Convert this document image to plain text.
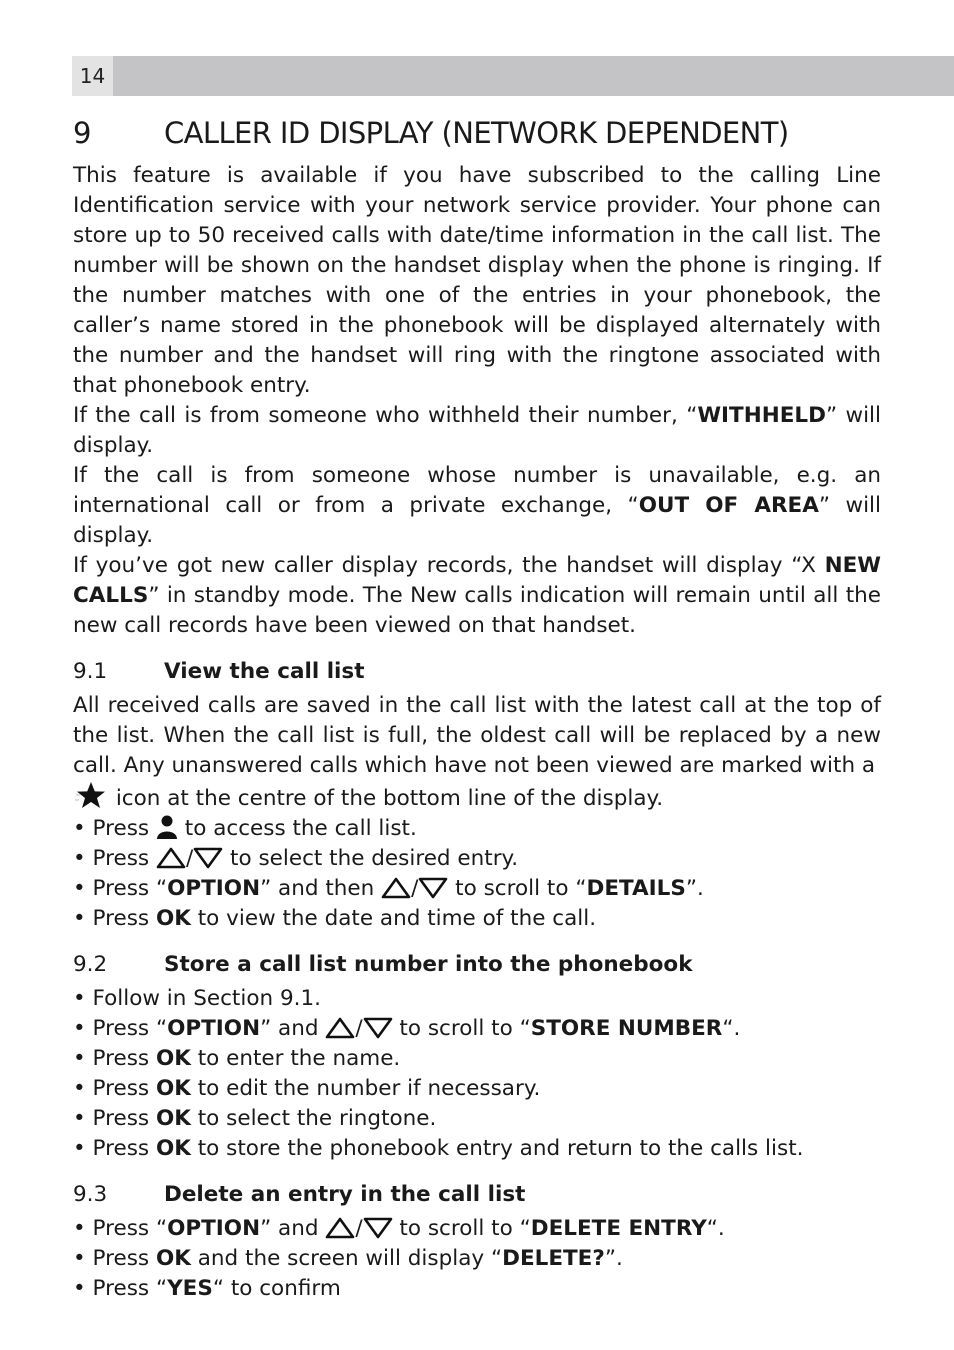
14
9	CALLER ID DISPLAY (NETWORK DEPENDENT)

This feature is available if you have subscribed to the calling Line Identification service with your network service provider. Your phone can store up to 50 received calls with date/time information in the call list. The number will be shown on the handset display when the phone is ringing. If the number matches with one of the entries in your phonebook, the caller’s name stored in the phonebook will be displayed alternately with the number and the handset will ring with the ringtone associated with that phonebook entry.

If the call is from someone who withheld their number, “WITHHELD” will display.

If the call is from someone whose number is unavailable, e.g. an international call or from a private exchange, “OUT OF AREA” will display.

If you’ve got new caller display records, the handset will display “X NEW CALLS” in standby mode. The New calls indication will remain until all the new call records have been viewed on that handset.

9.1	View the call list

All received calls are saved in the call list with the latest call at the top of the list. When the call list is full, the oldest call will be replaced by a new call. Any unanswered calls which have not been viewed are marked with a

icon at the centre of the bottom line of the display.

• Press
to access the call list.

• Press
/
to select the desired entry.

• Press “OPTION” and then
/
to scroll to “DETAILS”.

• Press OK to view the date and time of the call.

9.2	Store a call list number into the phonebook

• Follow in Section 9.1.

• Press “OPTION” and
/
to scroll to “STORE NUMBER“.

• Press OK to enter the name.

• Press OK to edit the number if necessary.

• Press OK to select the ringtone.

• Press OK to store the phonebook entry and return to the calls list.

9.3	Delete an entry in the call list

• Press “OPTION” and
/
to scroll to “DELETE ENTRY“.

• Press OK and the screen will display “DELETE?”.

• Press “YES“ to confirm
